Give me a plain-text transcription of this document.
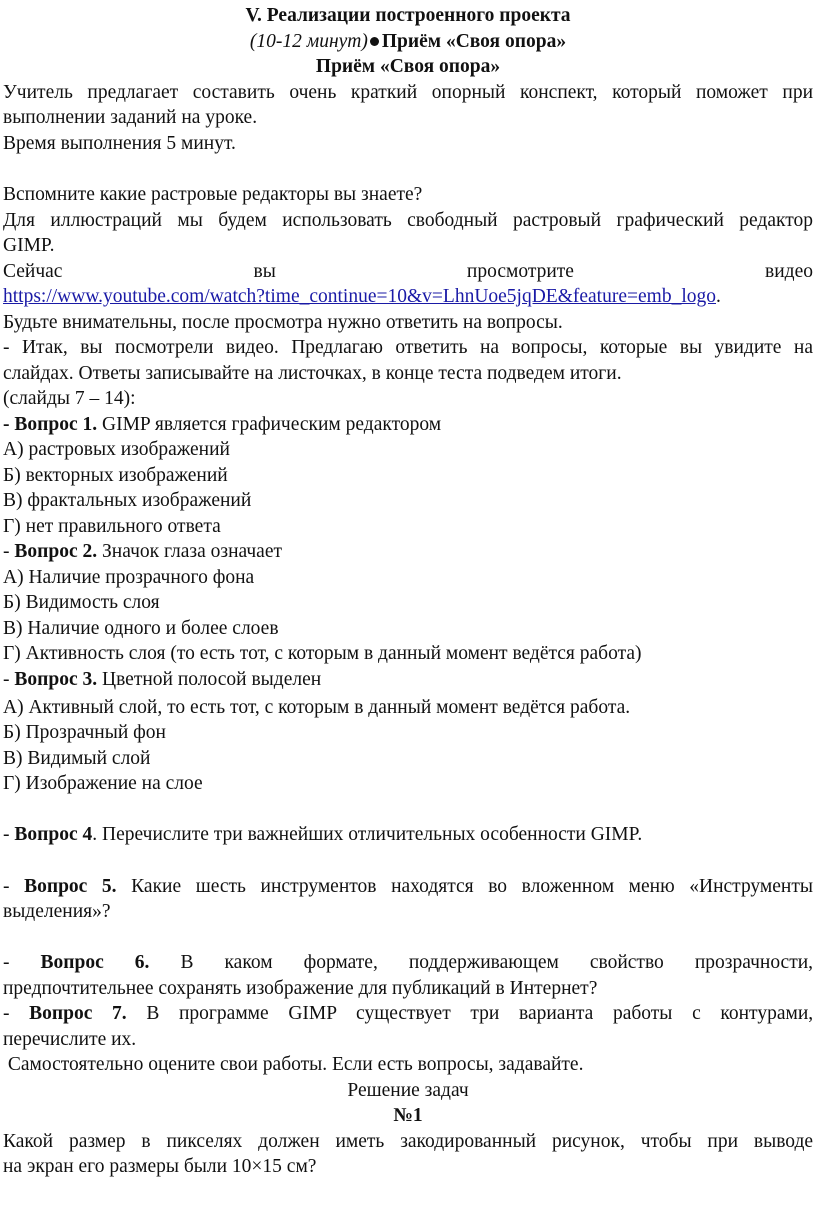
V. Реализации построенного проекта
(10-12 минут) Приём «Своя опора»
Приём «Своя опора»
Учитель предлагает составить очень краткий опорный конспект, который поможет при
выполнении заданий на уроке.
Время выполнения 5 минут.
Вспомните какие растровые редакторы вы знаете?
Для иллюстраций мы будем использовать свободный растровый графический редактор
GIMP.
Сейчас	вы	просмотрите	видео
https://www.youtube.com/watch?time_continue=10&v=LhnUoe5jqDE&feature=emb_logo.
Будьте внимательны, после просмотра нужно ответить на вопросы.
- Итак, вы посмотрели видео. Предлагаю ответить на вопросы, которые вы увидите на
слайдах. Ответы записывайте на листочках, в конце теста подведем итоги.
(слайды 7 – 14):
- Вопрос 1. GIMP является графическим редактором
А) растровых изображений
Б) векторных изображений
В) фрактальных изображений
Г) нет правильного ответа
- Вопрос 2. Значок глаза означает
А) Наличие прозрачного фона
Б) Видимость слоя
В) Наличие одного и более слоев
Г) Активность слоя (то есть тот, с которым в данный момент ведётся работа)
- Вопрос 3. Цветной полосой выделен
А) Активный слой, то есть тот, с которым в данный момент ведётся работа.
Б) Прозрачный фон
В) Видимый слой
Г) Изображение на слое
- Вопрос 4. Перечислите три важнейших отличительных особенности GIMP.
- Вопрос 5. Какие шесть инструментов находятся во вложенном меню «Инструменты
выделения»?
- Вопрос 6. В каком формате, поддерживающем свойство прозрачности,
предпочтительнее сохранять изображение для публикаций в Интернет?
- Вопрос 7. В программе GIMP существует три варианта работы с контурами,
перечислите их.
Самостоятельно оцените свои работы. Если есть вопросы, задавайте.
Решение задач
№1
Какой размер в пикселях должен иметь закодированный рисунок, чтобы при выводе
на экран его размеры были 10×15 см?
